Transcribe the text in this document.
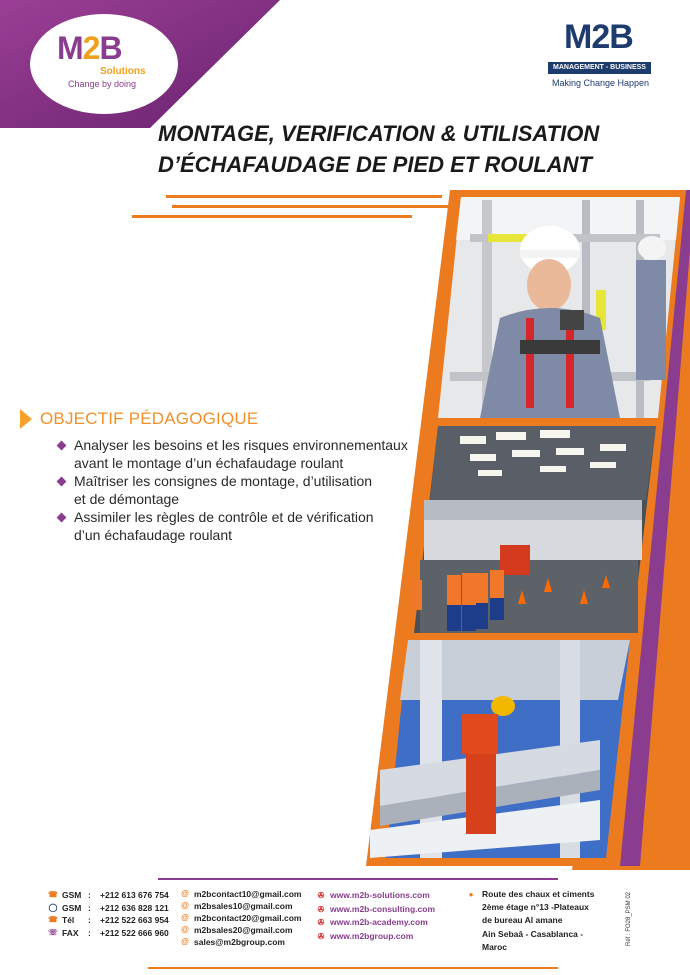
M2B
Solutions
Change by doing
M2B
MANAGEMENT - BUSINESS
Making Change Happen
MONTAGE, VERIFICATION & UTILISATION
D’ÉCHAFAUDAGE DE PIED ET ROULANT
OBJECTIF PÉDAGOGIQUE
Analyser les besoins et les risques environnementaux
avant le montage d’un échafaudage roulant
Maîtriser les consignes de montage, d’utilisation
et de démontage
Assimiler les règles de contrôle et de vérification
d’un échafaudage roulant
☎ GSM :	+212 613 676 754
◯ GSM :	+212 636 828 121
☎ Tél	:	+212 522 663 954
☏ FAX	:	+212 522 666 960
@ m2bcontact10@gmail.com
@ m2bsales10@gmail.com
@ m2bcontact20@gmail.com
@ m2bsales20@gmail.com
@ sales@m2bgroup.com
✇ www.m2b-solutions.com
✇ www.m2b-consulting.com
✇ www.m2b-academy.com
✇ www.m2bgroup.com
●	Route des chaux et ciments
2ème étage n°13 -Plateaux
de bureau Al amane
Ain Sebaâ - Casablanca -
Maroc
Réf : FO28_PSM 02
